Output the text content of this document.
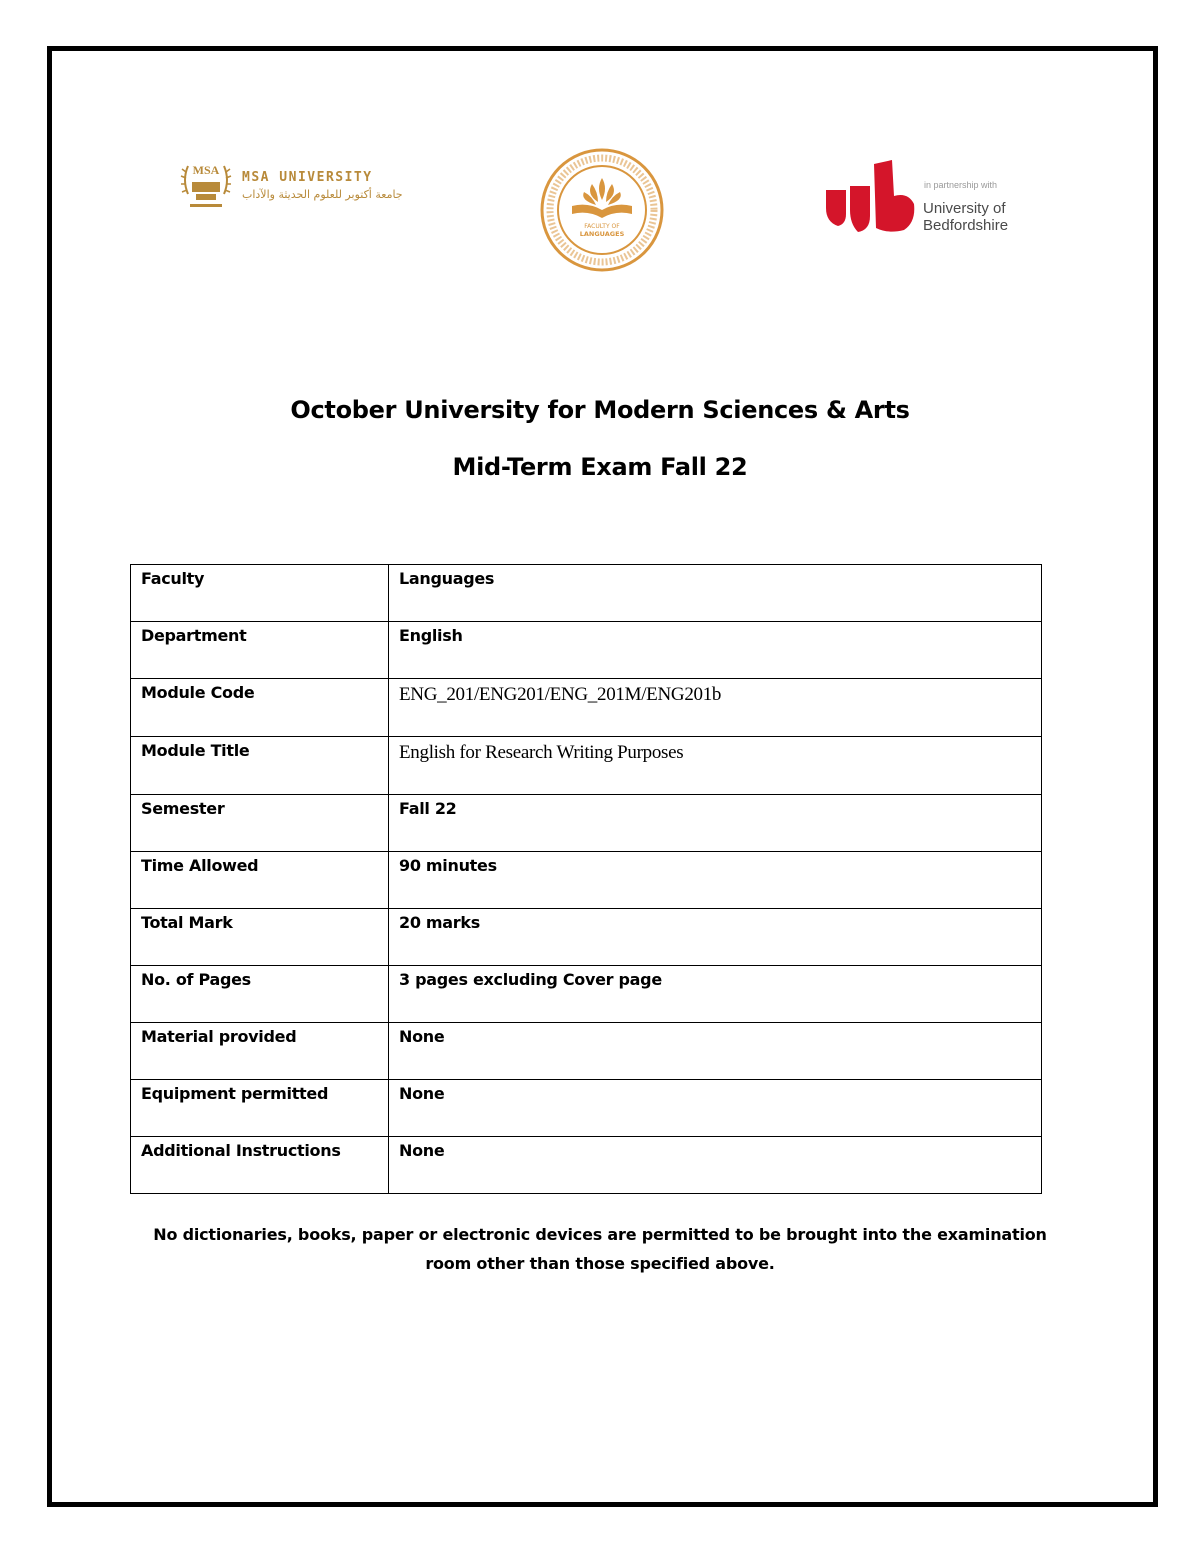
MSA MSA UNIVERSITY
جامعة أكتوبر للعلوم الحديثة والآداب
FACULTY OF
LANGUAGES
in partnership with
University of
Bedfordshire
October University for Modern Sciences & Arts
Mid-Term Exam Fall 22
Faculty	Languages
Department	English
Module Code	ENG_201/ENG201/ENG_201M/ENG201b
Module Title	English for Research Writing Purposes
Semester	Fall 22
Time Allowed	90 minutes
Total Mark	20 marks
No. of Pages	3 pages excluding Cover page
Material provided	None
Equipment permitted	None
Additional Instructions	None
No dictionaries, books, paper or electronic devices are permitted to be brought into the examination
room other than those specified above.
